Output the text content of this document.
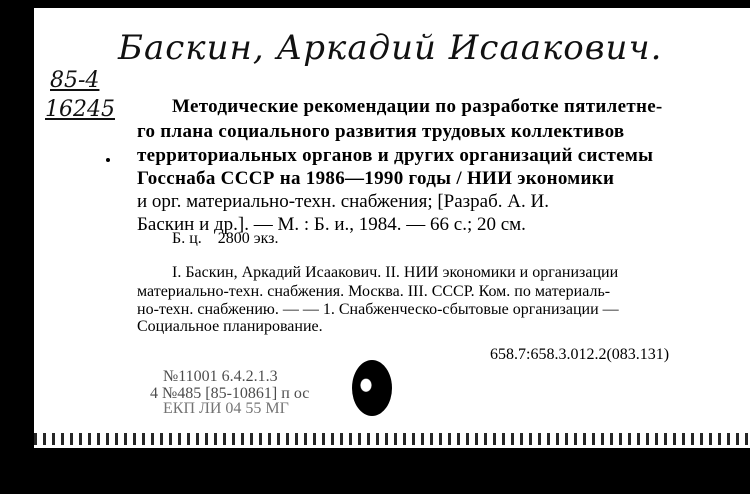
Баскин, Аркадий Исаакович.
85-4
16245	Методические рекомендации по разработке пятилетне-
го плана социального развития трудовых коллективов
территориальных органов и других организаций системы
Госснаба СССР на 1986—1990 годы / НИИ экономики
и орг. материально-техн. снабжения; [Разраб. А. И.
Баскин и др.]. — М. : Б. и., 1984. — 66 с.; 20 см.
Б. ц.    2800 экз.
I. Баскин, Аркадий Исаакович. II. НИИ экономики и организации
материально-техн. снабжения. Москва. III. СССР. Ком. по материаль-
но-техн. снабжению. — — 1. Снабженческо-сбытовые организации —
Социальное планирование.
658.7:658.3.012.2(083.131)
№11001 6.4.2.1.3
4 №485 [85-10861] п ос
ЕКП ЛИ 04 55 МГ
